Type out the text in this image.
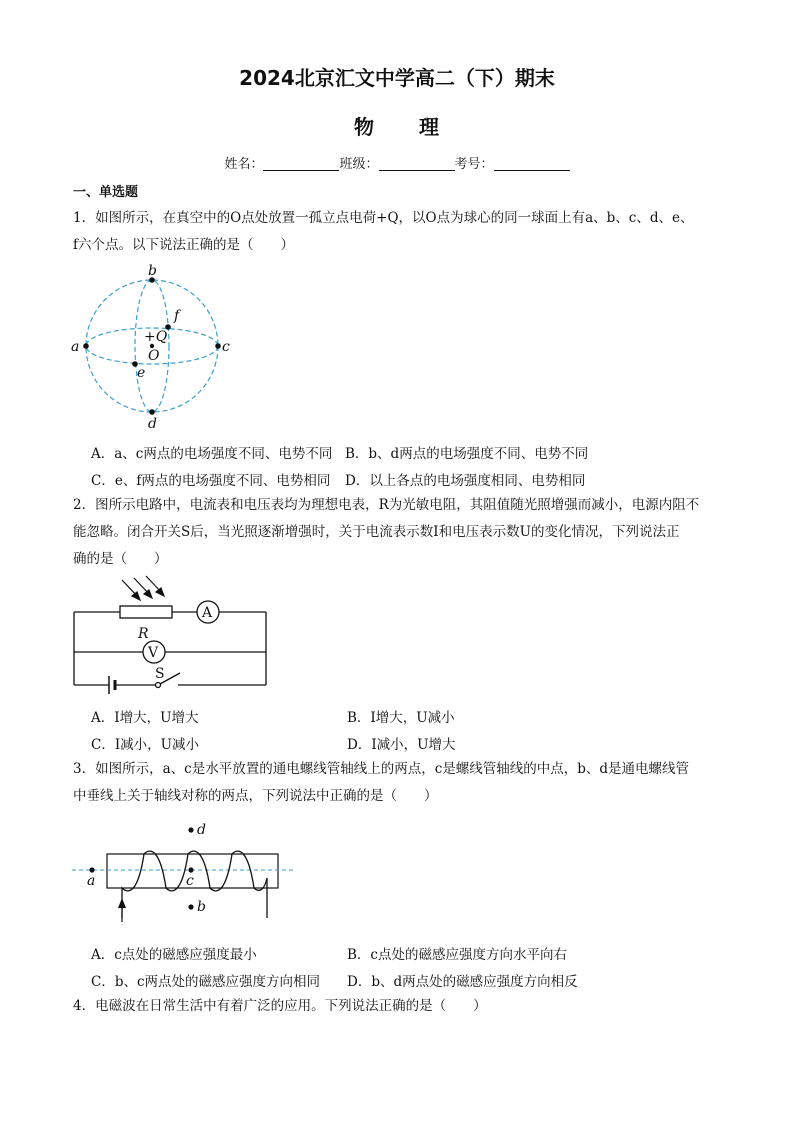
2024北京汇文中学高二（下）期末
物 理
姓名：	班级：	考号：
一、单选题
1．如图所示，在真空中的O点处放置一孤立点电荷+Q，以O点为球心的同一球面上有a、b、c、d、e、
f六个点。以下说法正确的是（　　）
b
d
a	c
f
e
+Q
O
A．a、c两点的电场强度不同、电势不同 B．b、d两点的电场强度不同、电势不同
C．e、f两点的电场强度不同、电势相同 D．以上各点的电场强度相同、电势相同
2．图所示电路中，电流表和电压表均为理想电表，R为光敏电阻，其阻值随光照增强而减小，电源内阻不
能忽略。闭合开关S后，当光照逐渐增强时，关于电流表示数I和电压表示数U的变化情况，下列说法正
确的是（　　）
A
V
R
S
A．I增大，U增大	B．I增大，U减小
C．I减小，U减小	D．I减小，U增大
3．如图所示，a、c是水平放置的通电螺线管轴线上的两点，c是螺线管轴线的中点，b、d是通电螺线管
中垂线上关于轴线对称的两点，下列说法中正确的是（　　）
a	c
d
b
A．c点处的磁感应强度最小	B．c点处的磁感应强度方向水平向右
C．b、c两点处的磁感应强度方向相同 D．b、d两点处的磁感应强度方向相反
4．电磁波在日常生活中有着广泛的应用。下列说法正确的是（　　）
